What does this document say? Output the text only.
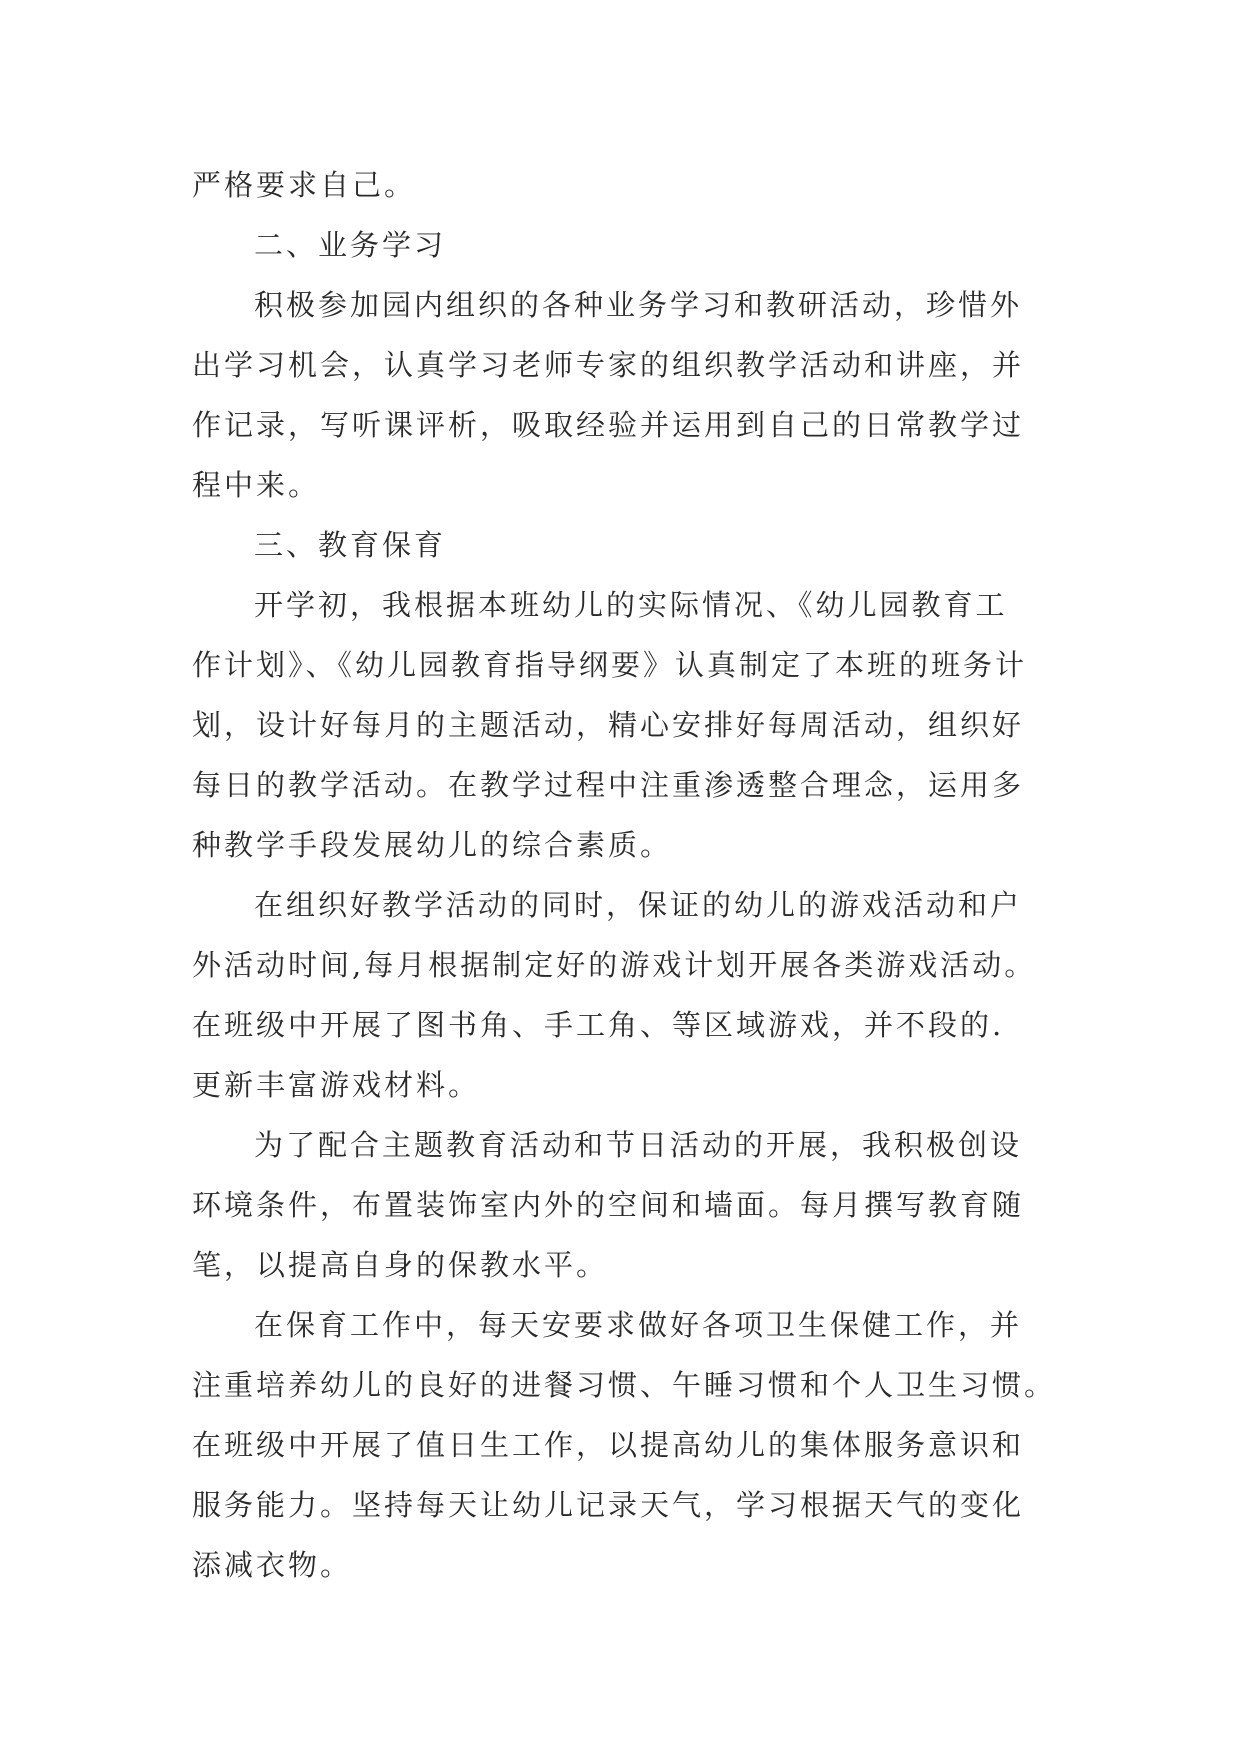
严格要求自己。
二、业务学习
积极参加园内组织的各种业务学习和教研活动，珍惜外
出学习机会，认真学习老师专家的组织教学活动和讲座，并
作记录，写听课评析，吸取经验并运用到自己的日常教学过
程中来。
三、教育保育
开学初，我根据本班幼儿的实际情况、《幼儿园教育工
作计划》、《幼儿园教育指导纲要》认真制定了本班的班务计
划，设计好每月的主题活动，精心安排好每周活动，组织好
每日的教学活动。在教学过程中注重渗透整合理念，运用多
种教学手段发展幼儿的综合素质。
在组织好教学活动的同时，保证的幼儿的游戏活动和户
外活动时间,每月根据制定好的游戏计划开展各类游戏活动。
在班级中开展了图书角、手工角、等区域游戏，并不段的.
更新丰富游戏材料。
为了配合主题教育活动和节日活动的开展，我积极创设
环境条件，布置装饰室内外的空间和墙面。每月撰写教育随
笔，以提高自身的保教水平。
在保育工作中，每天安要求做好各项卫生保健工作，并
注重培养幼儿的良好的进餐习惯、午睡习惯和个人卫生习惯。
在班级中开展了值日生工作，以提高幼儿的集体服务意识和
服务能力。坚持每天让幼儿记录天气，学习根据天气的变化
添减衣物。
